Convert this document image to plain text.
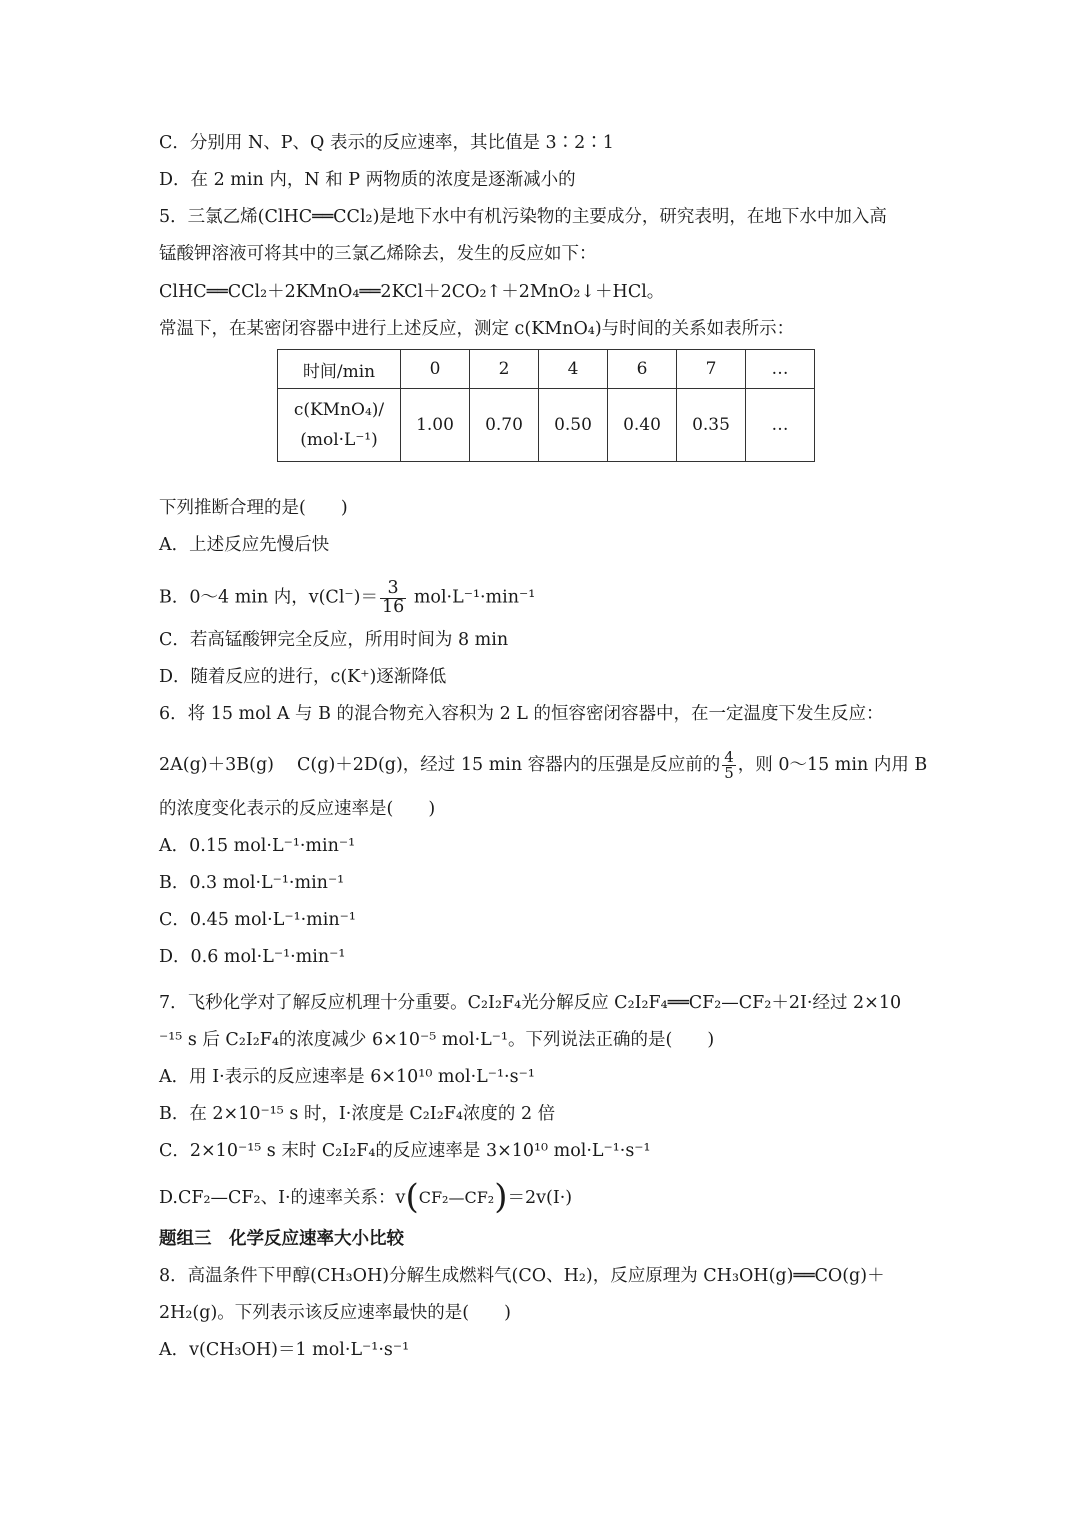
C．分别用 N、P、Q 表示的反应速率，其比值是 3∶2∶1
D．在 2 min 内，N 和 P 两物质的浓度是逐渐减小的
5．三氯乙烯(ClHC══CCl₂)是地下水中有机污染物的主要成分，研究表明，在地下水中加入高
锰酸钾溶液可将其中的三氯乙烯除去，发生的反应如下：
ClHC══CCl₂＋2KMnO₄══2KCl＋2CO₂↑＋2MnO₂↓＋HCl。
常温下，在某密闭容器中进行上述反应，测定 c(KMnO₄)与时间的关系如表所示：
时间/min	0	2	4	6	7	…

c(KMnO₄)/
(mol·L⁻¹)	1.00	0.70	0.50	0.40	0.35	…
下列推断合理的是(　　)
A．上述反应先慢后快
B．0～4 min 内，$v(Cl^-)= \frac{3}{16} mol\cdot L^{-1}\cdot\min^{-1}$
C．若高锰酸钾完全反应，所用时间为 8 min
D．随着反应的进行，c(K⁺)逐渐降低
6．将 15 mol A 与 B 的混合物充入容积为 2 L 的恒容密闭容器中，在一定温度下发生反应：
2A(g)＋3B(g)　 C(g)＋2D(g)，经过 15 min 容器内的压强是反应前的 $\frac{4}{5}$ ，则 0～15 min 内用 B
的浓度变化表示的反应速率是(　　)
A．0.15 mol·L⁻¹·min⁻¹
B．0.3 mol·L⁻¹·min⁻¹
C．0.45 mol·L⁻¹·min⁻¹
D．0.6 mol·L⁻¹·min⁻¹
7．飞秒化学对了解反应机理十分重要。C₂I₂F₄光分解反应 C₂I₂F₄══CF₂—CF₂＋2I·经过 2×10
⁻¹⁵ s 后 C₂I₂F₄的浓度减少 6×10⁻⁵ mol·L⁻¹。下列说法正确的是(　　)
A．用 I·表示的反应速率是 6×10¹⁰ mol·L⁻¹·s⁻¹
B．在 2×10⁻¹⁵ s 时，I·浓度是 C₂I₂F₄浓度的 2 倍
C．2×10⁻¹⁵ s 末时 C₂I₂F₄的反应速率是 3×10¹⁰ mol·L⁻¹·s⁻¹
D.CF₂—CF₂、I·的速率关系：v(CF₂—CF₂)＝2v(I·)
题组三　化学反应速率大小比较
8．高温条件下甲醇(CH₃OH)分解生成燃料气(CO、H₂)，反应原理为 CH₃OH(g)══CO(g)＋
2H₂(g)。下列表示该反应速率最快的是(　　)
A．v(CH₃OH)＝1 mol·L⁻¹·s⁻¹
